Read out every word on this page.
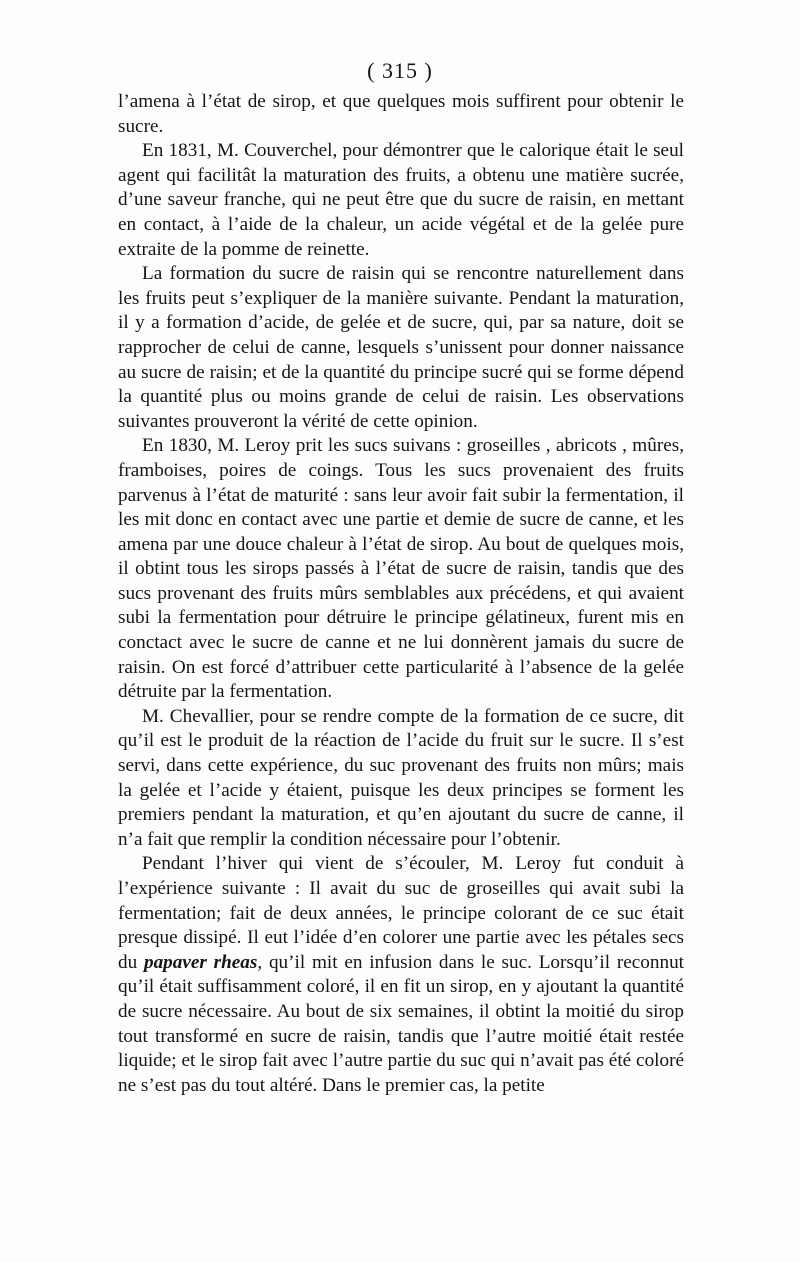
( 315 )

l’amena à l’état de sirop, et que quelques mois suffirent pour obtenir le sucre.

En 1831, M. Couverchel, pour démontrer que le calorique était le seul agent qui facilitât la maturation des fruits, a obtenu une matière sucrée, d’une saveur franche, qui ne peut être que du sucre de raisin, en mettant en contact, à l’aide de la chaleur, un acide végétal et de la gelée pure extraite de la pomme de reinette.

La formation du sucre de raisin qui se rencontre naturellement dans les fruits peut s’expliquer de la manière suivante. Pendant la maturation, il y a formation d’acide, de gelée et de sucre, qui, par sa nature, doit se rapprocher de celui de canne, lesquels s’unissent pour donner naissance au sucre de raisin; et de la quantité du principe sucré qui se forme dépend la quantité plus ou moins grande de celui de raisin. Les observations suivantes prouveront la vérité de cette opinion.

En 1830, M. Leroy prit les sucs suivans : groseilles , abricots , mûres, framboises, poires de coings. Tous les sucs provenaient des fruits parvenus à l’état de maturité : sans leur avoir fait subir la fermentation, il les mit donc en contact avec une partie et demie de sucre de canne, et les amena par une douce chaleur à l’état de sirop. Au bout de quelques mois, il obtint tous les sirops passés à l’état de sucre de raisin, tandis que des sucs provenant des fruits mûrs semblables aux précédens, et qui avaient subi la fermentation pour détruire le principe gélatineux, furent mis en conctact avec le sucre de canne et ne lui donnèrent jamais du sucre de raisin. On est forcé d’attribuer cette particularité à l’absence de la gelée détruite par la fermentation.

M. Chevallier, pour se rendre compte de la formation de ce sucre, dit qu’il est le produit de la réaction de l’acide du fruit sur le sucre. Il s’est servi, dans cette expérience, du suc provenant des fruits non mûrs; mais la gelée et l’acide y étaient, puisque les deux principes se forment les premiers pendant la maturation, et qu’en ajoutant du sucre de canne, il n’a fait que remplir la condition nécessaire pour l’obtenir.

Pendant l’hiver qui vient de s’écouler, M. Leroy fut conduit à l’expérience suivante : Il avait du suc de groseilles qui avait subi la fermentation; fait de deux années, le principe colorant de ce suc était presque dissipé. Il eut l’idée d’en colorer une partie avec les pétales secs du papaver rheas, qu’il mit en infusion dans le suc. Lorsqu’il reconnut qu’il était suffisamment coloré, il en fit un sirop, en y ajoutant la quantité de sucre nécessaire. Au bout de six semaines, il obtint la moitié du sirop tout transformé en sucre de raisin, tandis que l’autre moitié était restée liquide; et le sirop fait avec l’autre partie du suc qui n’avait pas été coloré ne s’est pas du tout altéré. Dans le premier cas, la petite
